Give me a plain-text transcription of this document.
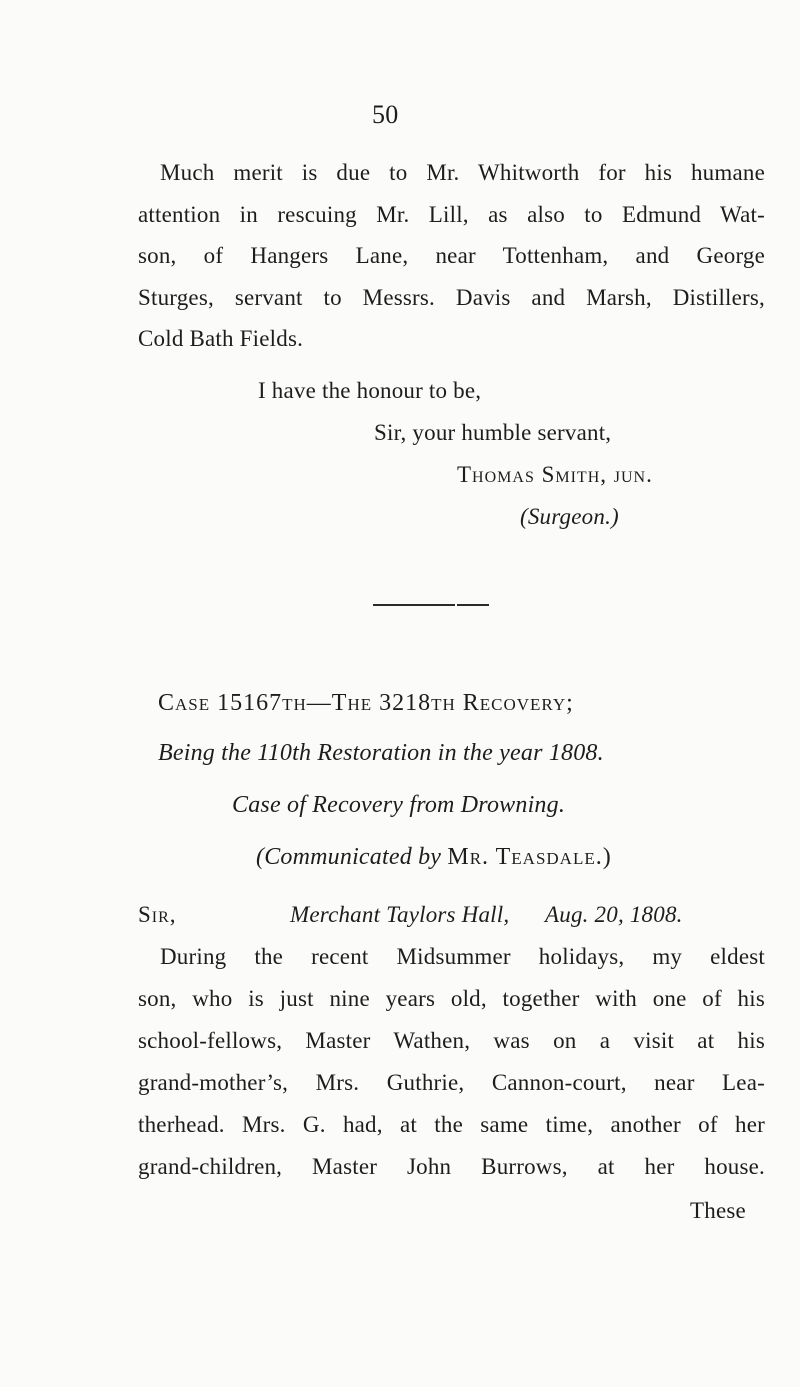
50
Much merit is due to Mr. Whitworth for his humane
attention in rescuing Mr. Lill, as also to Edmund Wat-
son, of Hangers Lane, near Tottenham, and George
Sturges, servant to Messrs. Davis and Marsh, Distillers,
Cold Bath Fields.
I have the honour to be,
Sir, your humble servant,
Thomas Smith, jun.
(Surgeon.)
Case 15167th—The 3218th Recovery;
Being the 110th Restoration in the year 1808.
Case of Recovery from Drowning.
(Communicated by Mr. Teasdale.)
Sir,	Merchant Taylors Hall, Aug. 20, 1808.
During the recent Midsummer holidays, my eldest
son, who is just nine years old, together with one of his
school-fellows, Master Wathen, was on a visit at his
grand-mother’s, Mrs. Guthrie, Cannon-court, near Lea-
therhead. Mrs. G. had, at the same time, another of her
grand-children, Master John Burrows, at her house.
These
